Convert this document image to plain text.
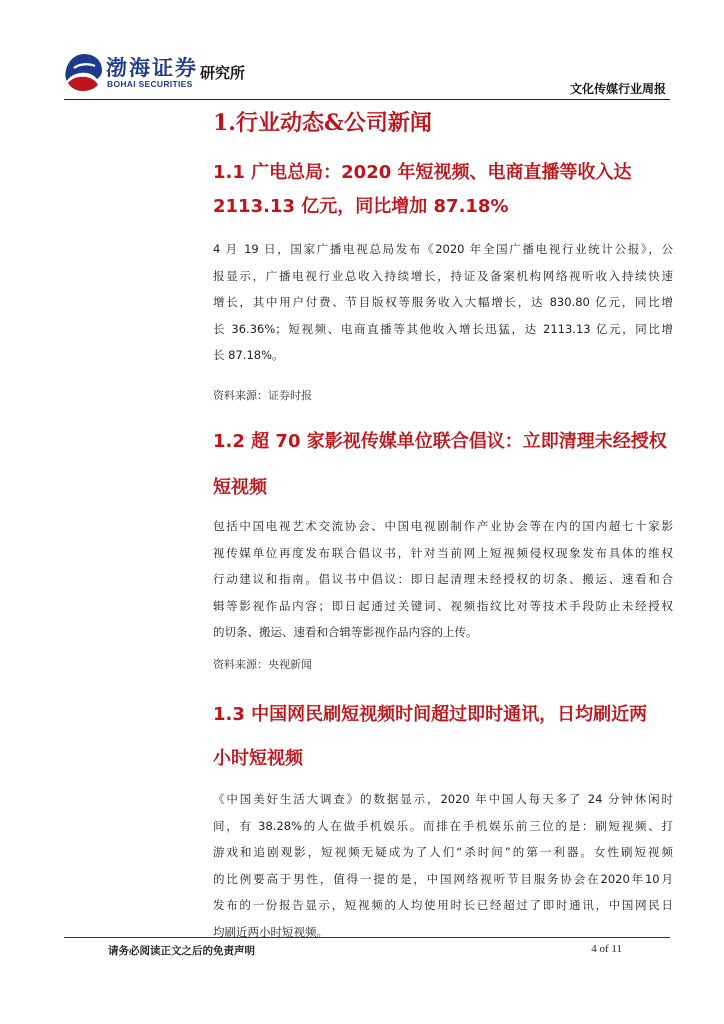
渤海证券
BOHAI SECURITIES
研究所
文化传媒行业周报
1.行业动态&公司新闻
1.1 广电总局：2020 年短视频、电商直播等收入达
2113.13 亿元，同比增加 87.18%
4 月 19 日，国家广播电视总局发布《2020 年全国广播电视行业统计公报》，公
报显示，广播电视行业总收入持续增长，持证及备案机构网络视听收入持续快速
增长，其中用户付费、节目版权等服务收入大幅增长，达 830.80 亿元，同比增
长 36.36%；短视频、电商直播等其他收入增长迅猛，达 2113.13 亿元，同比增
长 87.18%。
资料来源：证券时报
1.2 超 70 家影视传媒单位联合倡议：立即清理未经授权
短视频
包括中国电视艺术交流协会、中国电视剧制作产业协会等在内的国内超七十家影
视传媒单位再度发布联合倡议书，针对当前网上短视频侵权现象发布具体的维权
行动建议和指南。倡议书中倡议：即日起清理未经授权的切条、搬运、速看和合
辑等影视作品内容；即日起通过关键词、视频指纹比对等技术手段防止未经授权
的切条、搬运、速看和合辑等影视作品内容的上传。
资料来源：央视新闻
1.3 中国网民刷短视频时间超过即时通讯，日均刷近两
小时短视频
《中国美好生活大调查》的数据显示，2020 年中国人每天多了 24 分钟休闲时
间，有 38.28%的人在做手机娱乐。而排在手机娱乐前三位的是：刷短视频、打
游戏和追剧观影，短视频无疑成为了人们“杀时间”的第一利器。女性刷短视频
的比例要高于男性，值得一提的是，中国网络视听节目服务协会在2020年10月
发布的一份报告显示，短视频的人均使用时长已经超过了即时通讯，中国网民日
均刷近两小时短视频。
请务必阅读正文之后的免责声明	4 of 11
